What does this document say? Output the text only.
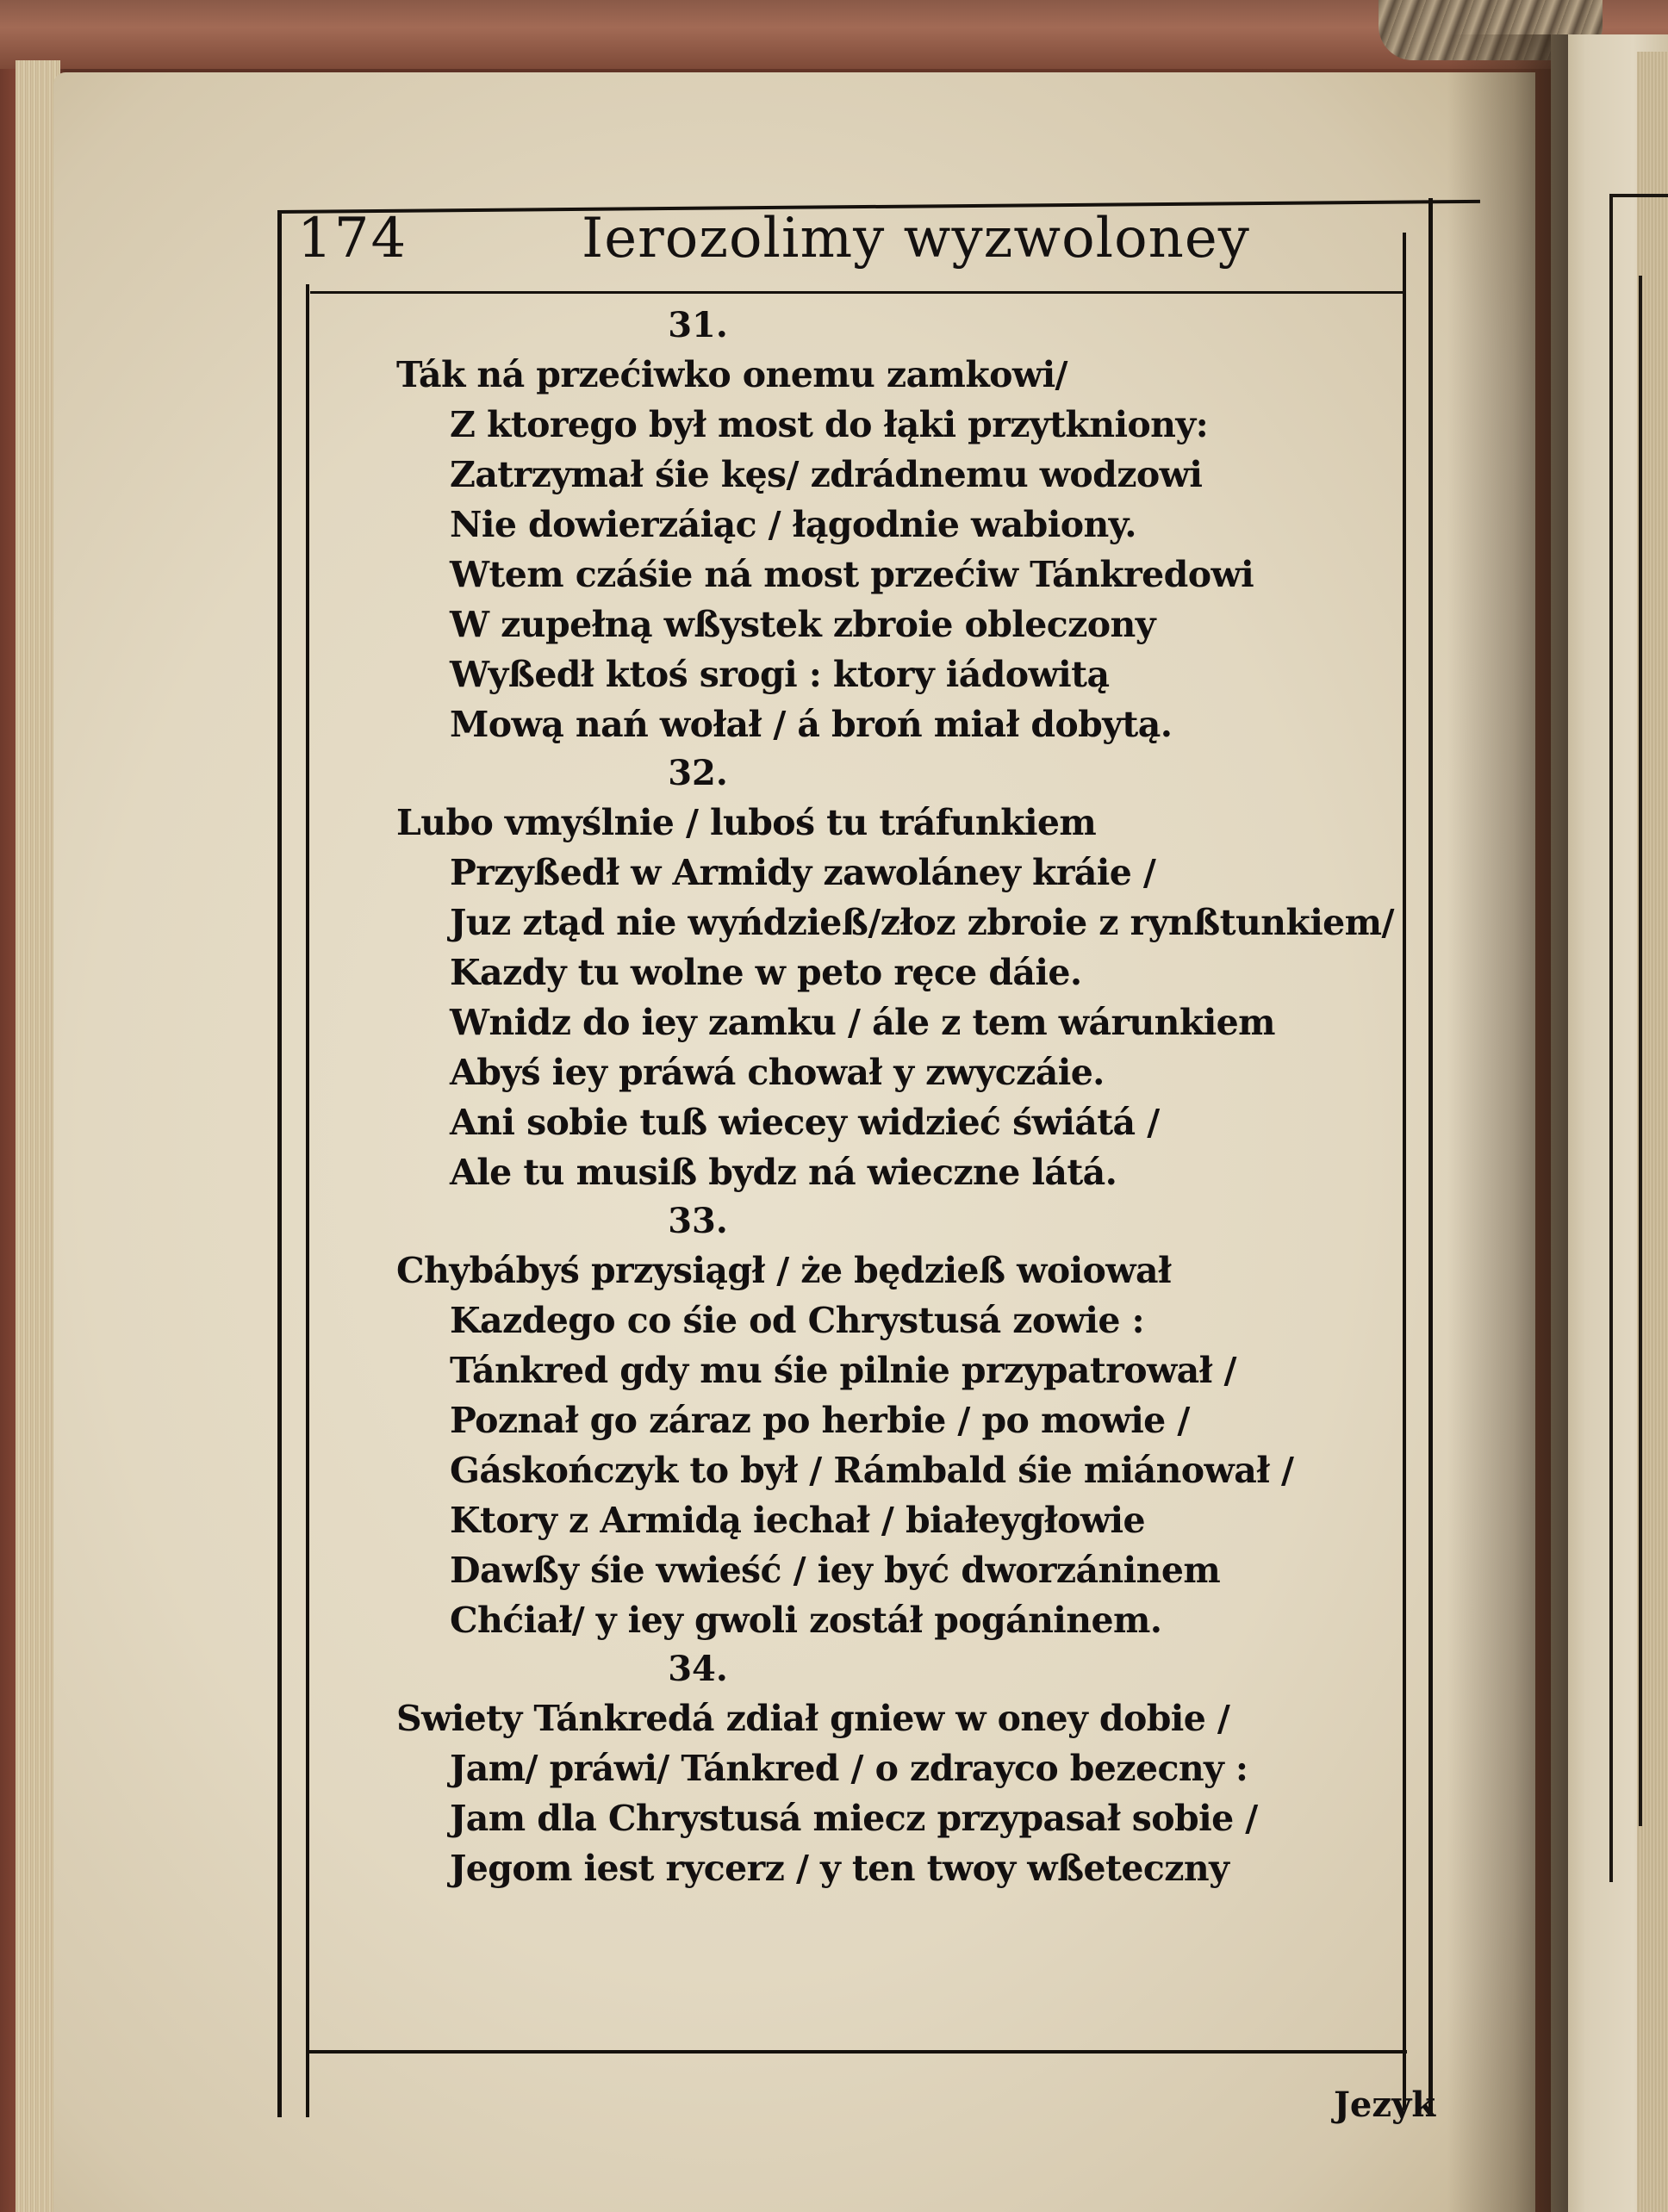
174	Ierozolimy wyzwoloney
31.
Ták ná przećiwko onemu zamkowi/
Z ktorego był most do łąki przytkniony:
Zatrzymał śie kęs/ zdrádnemu wodzowi
Nie dowierzáiąc / łągodnie wabiony.
Wtem czáśie ná most przećiw Tánkredowi
W zupełną wßystek zbroie obleczony
Wyßedł ktoś srogi : ktory iádowitą
Mową nań wołał / á broń miał dobytą.
32.
Lubo vmyślnie / luboś tu tráfunkiem
Przyßedł w Armidy zawoláney kráie /
Juz ztąd nie wyńdzieß/złoz zbroie z rynßtunkiem/
Kazdy tu wolne w peto ręce dáie.
Wnidz do iey zamku / ále z tem wárunkiem
Abyś iey práwá chował y zwyczáie.
Ani sobie tuß wiecey widzieć świátá /
Ale tu musiß bydz ná wieczne látá.
33.
Chybábyś przysiągł / że będzieß woiował
Kazdego co śie od Chrystusá zowie :
Tánkred gdy mu śie pilnie przypatrował /
Poznał go záraz po herbie / po mowie /
Gáskończyk to był / Rámbald śie miánował /
Ktory z Armidą iechał / białeygłowie
Dawßy śie vwieść / iey być dworzáninem
Chćiał/ y iey gwoli zostáł pogáninem.
34.
Swiety Tánkredá zdiał gniew w oney dobie /
Jam/ práwi/ Tánkred / o zdrayco bezecny :
Jam dla Chrystusá miecz przypasał sobie /
Jegom iest rycerz / y ten twoy wßeteczny
Jezyk
